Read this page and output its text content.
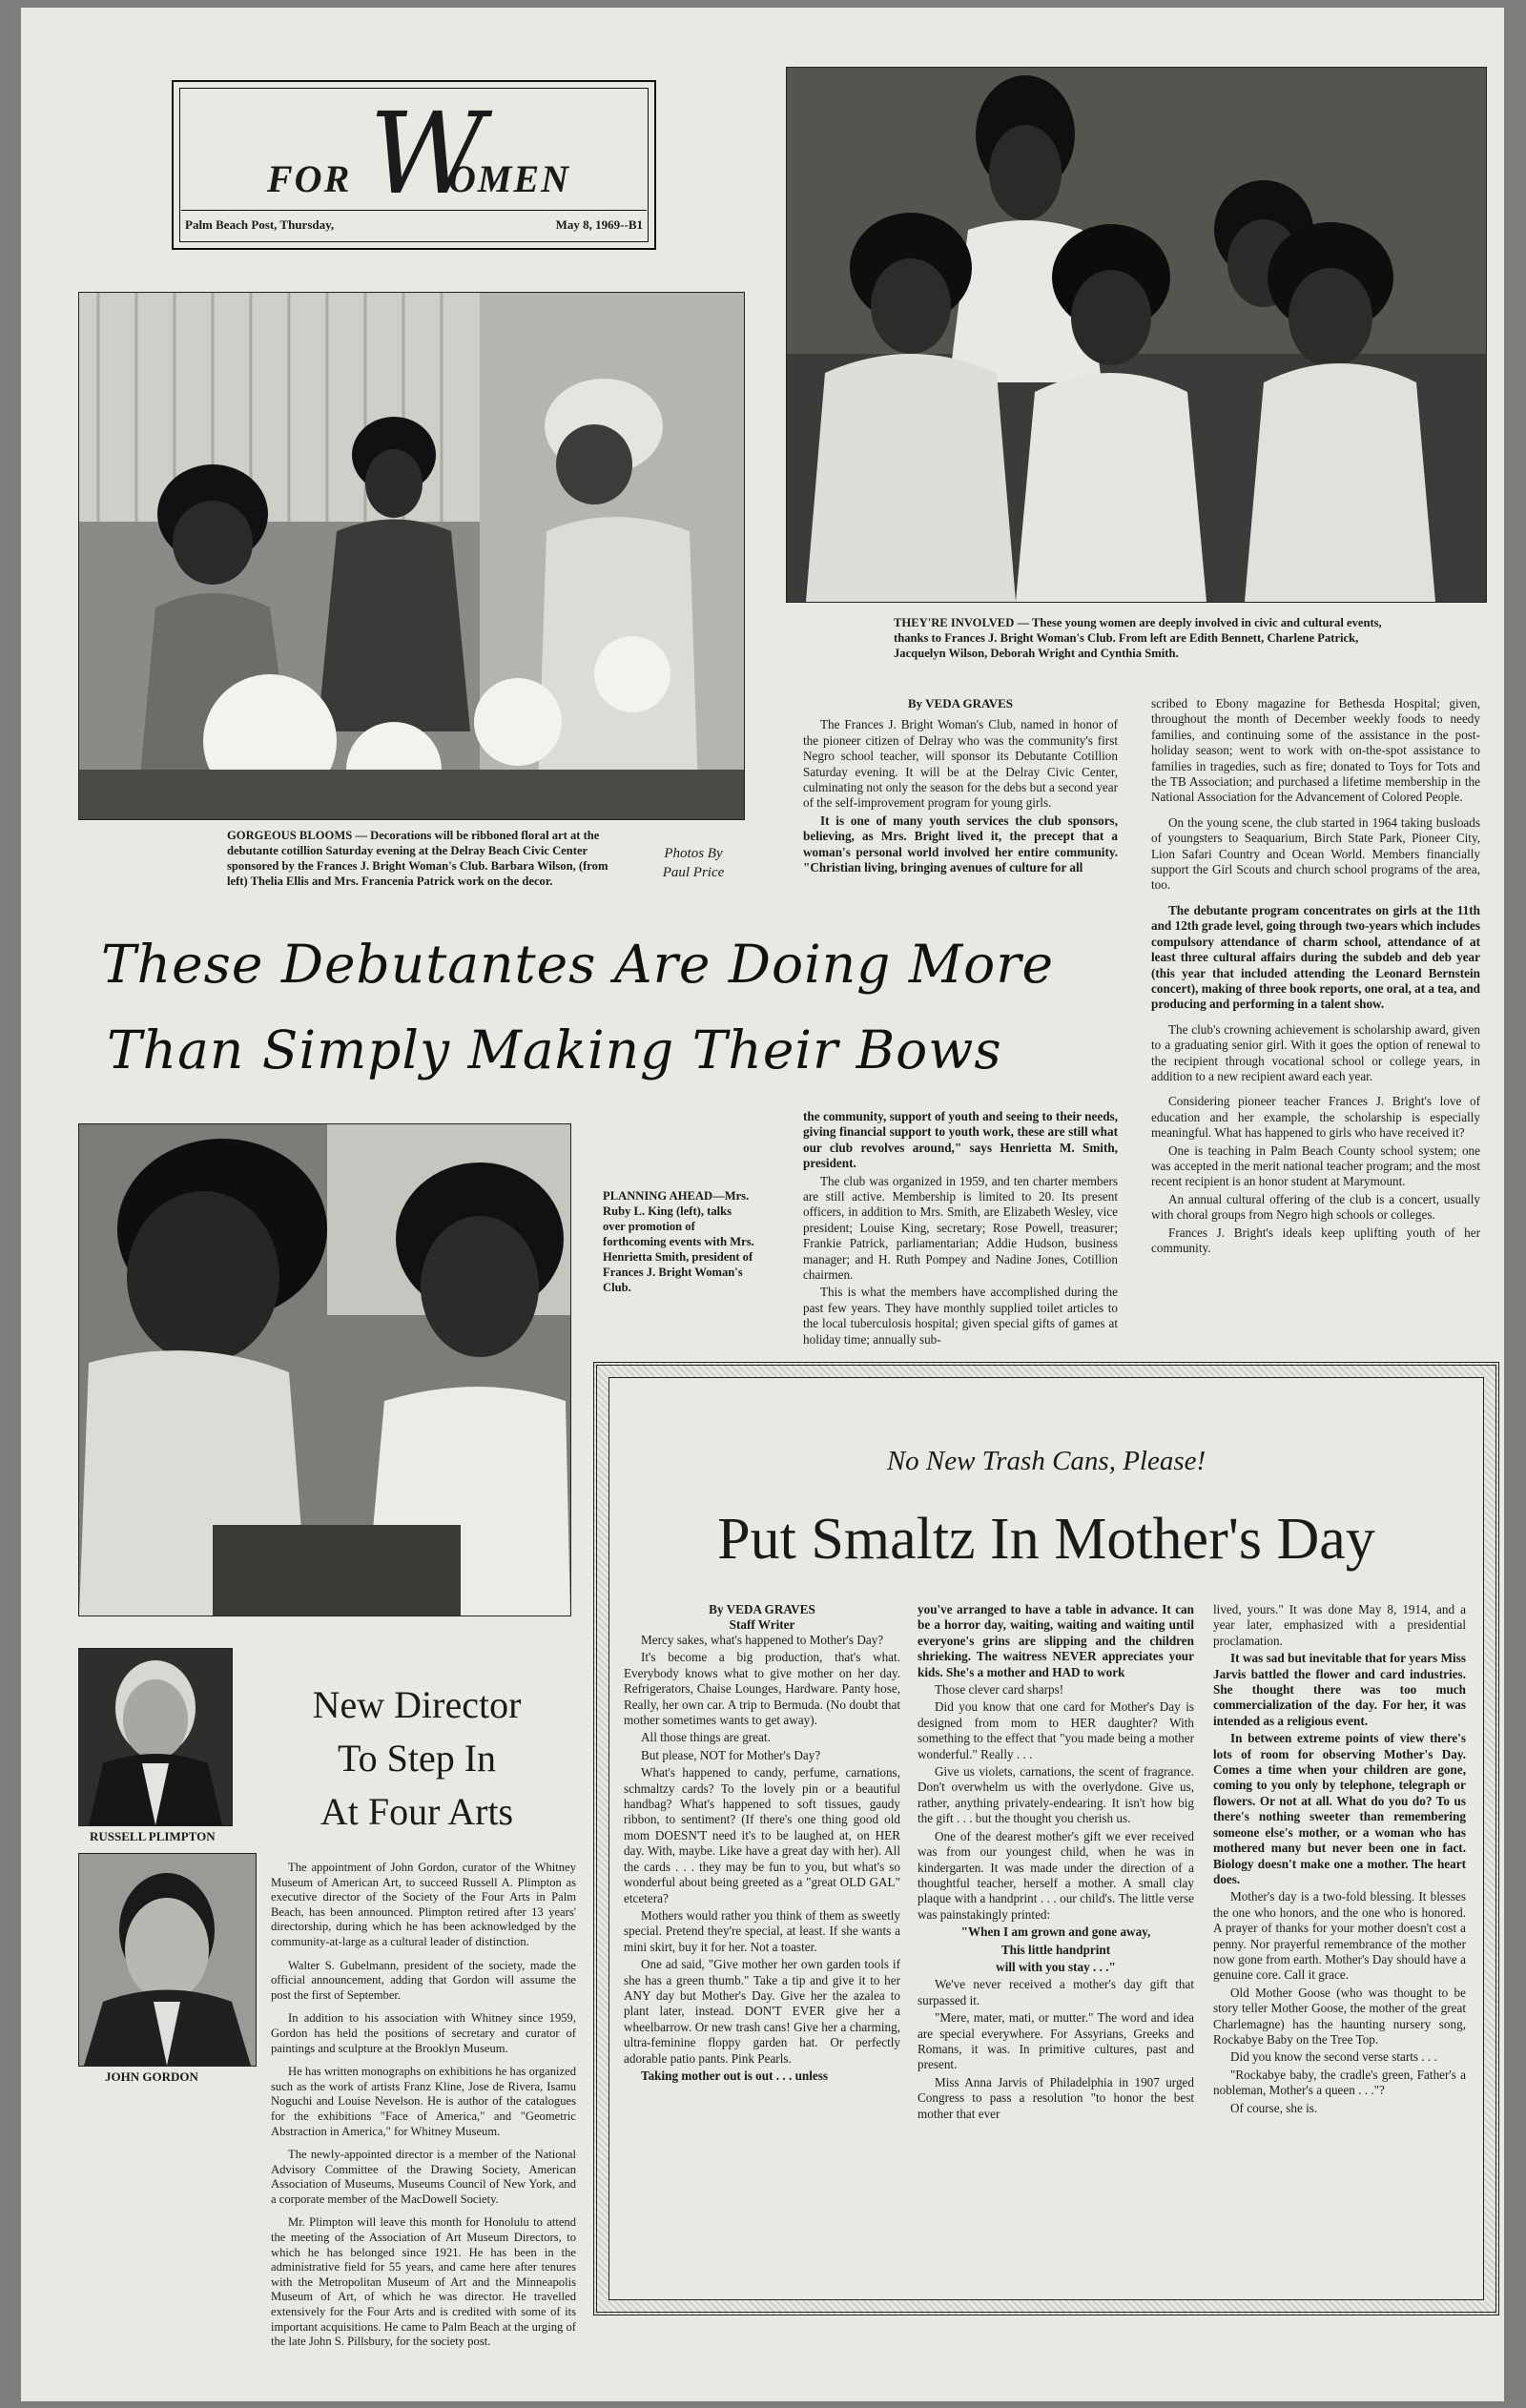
FOR W
OMEN
Palm Beach Post, Thursday,	May 8, 1969--B1
GORGEOUS BLOOMS — Decorations will be ribboned floral art at the debutante cotillion Saturday evening at the Delray Beach Civic Center sponsored by the Frances J. Bright Woman's Club. Barbara Wilson, (from left) Thelia Ellis and Mrs. Francenia Patrick work on the decor.
Photos By
Paul Price
THEY'RE INVOLVED — These young women are deeply involved in civic and cultural events, thanks to Frances J. Bright Woman's Club. From left are Edith Bennett, Charlene Patrick, Jacquelyn Wilson, Deborah Wright and Cynthia Smith.
By VEDA GRAVES

The Frances J. Bright Woman's Club, named in honor of the pioneer citizen of Delray who was the community's first Negro school teacher, will sponsor its Debutante Cotillion Saturday evening. It will be at the Delray Civic Center, culminating not only the season for the debs but a second year of the self-improvement program for young girls.

It is one of many youth services the club sponsors, believing, as Mrs. Bright lived it, the precept that a woman's personal world involved her entire community. "Christian living, bringing avenues of culture for all

scribed to Ebony magazine for Bethesda Hospital; given, throughout the month of December weekly foods to needy families, and continuing some of the assistance in the post-holiday season; went to work with on-the-spot assistance to families in tragedies, such as fire; donated to Toys for Tots and the TB Association; and purchased a lifetime membership in the National Association for the Advancement of Colored People.

On the young scene, the club started in 1964 taking busloads of youngsters to Seaquarium, Birch State Park, Pioneer City, Lion Safari Country and Ocean World. Members financially support the Girl Scouts and church school programs of the area, too.

The debutante program concentrates on girls at the 11th and 12th grade level, going through two-years which includes compulsory attendance of charm school, attendance of at least three cultural affairs during the subdeb and deb year (this year that included attending the Leonard Bernstein concert), making of three book reports, one oral, at a tea, and producing and performing in a talent show.

The club's crowning achievement is scholarship award, given to a graduating senior girl. With it goes the option of renewal to the recipient through vocational school or college years, in addition to a new recipient award each year.

Considering pioneer teacher Frances J. Bright's love of education and her example, the scholarship is especially meaningful. What has happened to girls who have received it?

One is teaching in Palm Beach County school system; one was accepted in the merit national teacher program; and the most recent recipient is an honor student at Marymount.

An annual cultural offering of the club is a concert, usually with choral groups from Negro high schools or colleges.

Frances J. Bright's ideals keep uplifting youth of her community.

These Debutantes Are Doing More
Than Simply Making Their Bows
PLANNING AHEAD—Mrs. Ruby L. King (left), talks over promotion of forthcoming events with Mrs. Henrietta Smith, president of Frances J. Bright Woman's Club.

the community, support of youth and seeing to their needs, giving financial support to youth work, these are still what our club revolves around," says Henrietta M. Smith, president.

The club was organized in 1959, and ten charter members are still active. Membership is limited to 20. Its present officers, in addition to Mrs. Smith, are Elizabeth Wesley, vice president; Louise King, secretary; Rose Powell, treasurer; Frankie Patrick, parliamentarian; Addie Hudson, business manager; and H. Ruth Pompey and Nadine Jones, Cotillion chairmen.

This is what the members have accomplished during the past few years. They have monthly supplied toilet articles to the local tuberculosis hospital; given special gifts of games at holiday time; annually sub-

No New Trash Cans, Please!
Put Smaltz In Mother's Day
By VEDA GRAVES
Staff Writer

Mercy sakes, what's happened to Mother's Day?

It's become a big production, that's what. Everybody knows what to give mother on her day. Refrigerators, Chaise Lounges, Hardware. Panty hose, Really, her own car. A trip to Bermuda. (No doubt that mother sometimes wants to get away).

All those things are great.

But please, NOT for Mother's Day?

What's happened to candy, perfume, carnations, schmaltzy cards? To the lovely pin or a beautiful handbag? What's happened to soft tissues, gaudy ribbon, to sentiment? (If there's one thing good old mom DOESN'T need it's to be laughed at, on HER day. With, maybe. Like have a great day with her). All the cards . . . they may be fun to you, but what's so wonderful about being greeted as a "great OLD GAL" etcetera?

Mothers would rather you think of them as sweetly special. Pretend they're special, at least. If she wants a mini skirt, buy it for her. Not a toaster.

One ad said, "Give mother her own garden tools if she has a green thumb." Take a tip and give it to her ANY day but Mother's Day. Give her the azalea to plant later, instead. DON'T EVER give her a wheelbarrow. Or new trash cans! Give her a charming, ultra-feminine floppy garden hat. Or perfectly adorable patio pants. Pink Pearls.

Taking mother out is out . . . unless

you've arranged to have a table in advance. It can be a horror day, waiting, waiting and waiting until everyone's grins are slipping and the children shrieking. The waitress NEVER appreciates your kids. She's a mother and HAD to work

Those clever card sharps!

Did you know that one card for Mother's Day is designed from mom to HER daughter? With something to the effect that "you made being a mother wonderful." Really . . .

Give us violets, carnations, the scent of fragrance. Don't overwhelm us with the overlydone. Give us, rather, anything privately-endearing. It isn't how big the gift . . . but the thought you cherish us.

One of the dearest mother's gift we ever received was from our youngest child, when he was in kindergarten. It was made under the direction of a thoughtful teacher, herself a mother. A small clay plaque with a handprint . . . our child's. The little verse was painstakingly printed:

"When I am grown and gone away,

This little handprint

will with you stay . . ."

We've never received a mother's day gift that surpassed it.

"Mere, mater, mati, or mutter." The word and idea are special everywhere. For Assyrians, Greeks and Romans, it was. In primitive cultures, past and present.

Miss Anna Jarvis of Philadelphia in 1907 urged Congress to pass a resolution "to honor the best mother that ever

lived, yours." It was done May 8, 1914, and a year later, emphasized with a presidential proclamation.

It was sad but inevitable that for years Miss Jarvis battled the flower and card industries. She thought there was too much commercialization of the day. For her, it was intended as a religious event.

In between extreme points of view there's lots of room for observing Mother's Day. Comes a time when your children are gone, coming to you only by telephone, telegraph or flowers. Or not at all. What do you do? To us there's nothing sweeter than remembering someone else's mother, or a woman who has mothered many but never been one in fact. Biology doesn't make one a mother. The heart does.

Mother's day is a two-fold blessing. It blesses the one who honors, and the one who is honored. A prayer of thanks for your mother doesn't cost a penny. Nor prayerful remembrance of the mother now gone from earth. Mother's Day should have a genuine core. Call it grace.

Old Mother Goose (who was thought to be story teller Mother Goose, the mother of the great Charlemagne) has the haunting nursery song, Rockabye Baby on the Tree Top.

Did you know the second verse starts . . .

"Rockabye baby, the cradle's green, Father's a nobleman, Mother's a queen . . ."?

Of course, she is.

RUSSELL PLIMPTON
JOHN GORDON
New Director
To Step In
At Four Arts

The appointment of John Gordon, curator of the Whitney Museum of American Art, to succeed Russell A. Plimpton as executive director of the Society of the Four Arts in Palm Beach, has been announced. Plimpton retired after 13 years' directorship, during which he has been acknowledged by the community-at-large as a cultural leader of distinction.

Walter S. Gubelmann, president of the society, made the official announcement, adding that Gordon will assume the post the first of September.

In addition to his association with Whitney since 1959, Gordon has held the positions of secretary and curator of paintings and sculpture at the Brooklyn Museum.

He has written monographs on exhibitions he has organized such as the work of artists Franz Kline, Jose de Rivera, Isamu Noguchi and Louise Nevelson. He is author of the catalogues for the exhibitions "Face of America," and "Geometric Abstraction in America," for Whitney Museum.

The newly-appointed director is a member of the National Advisory Committee of the Drawing Society, American Association of Museums, Museums Council of New York, and a corporate member of the MacDowell Society.

Mr. Plimpton will leave this month for Honolulu to attend the meeting of the Association of Art Museum Directors, to which he has belonged since 1921. He has been in the administrative field for 55 years, and came here after tenures with the Metropolitan Museum of Art and the Minneapolis Museum of Art, of which he was director. He travelled extensively for the Four Arts and is credited with some of its important acquisitions. He came to Palm Beach at the urging of the late John S. Pillsbury, for the society post.
